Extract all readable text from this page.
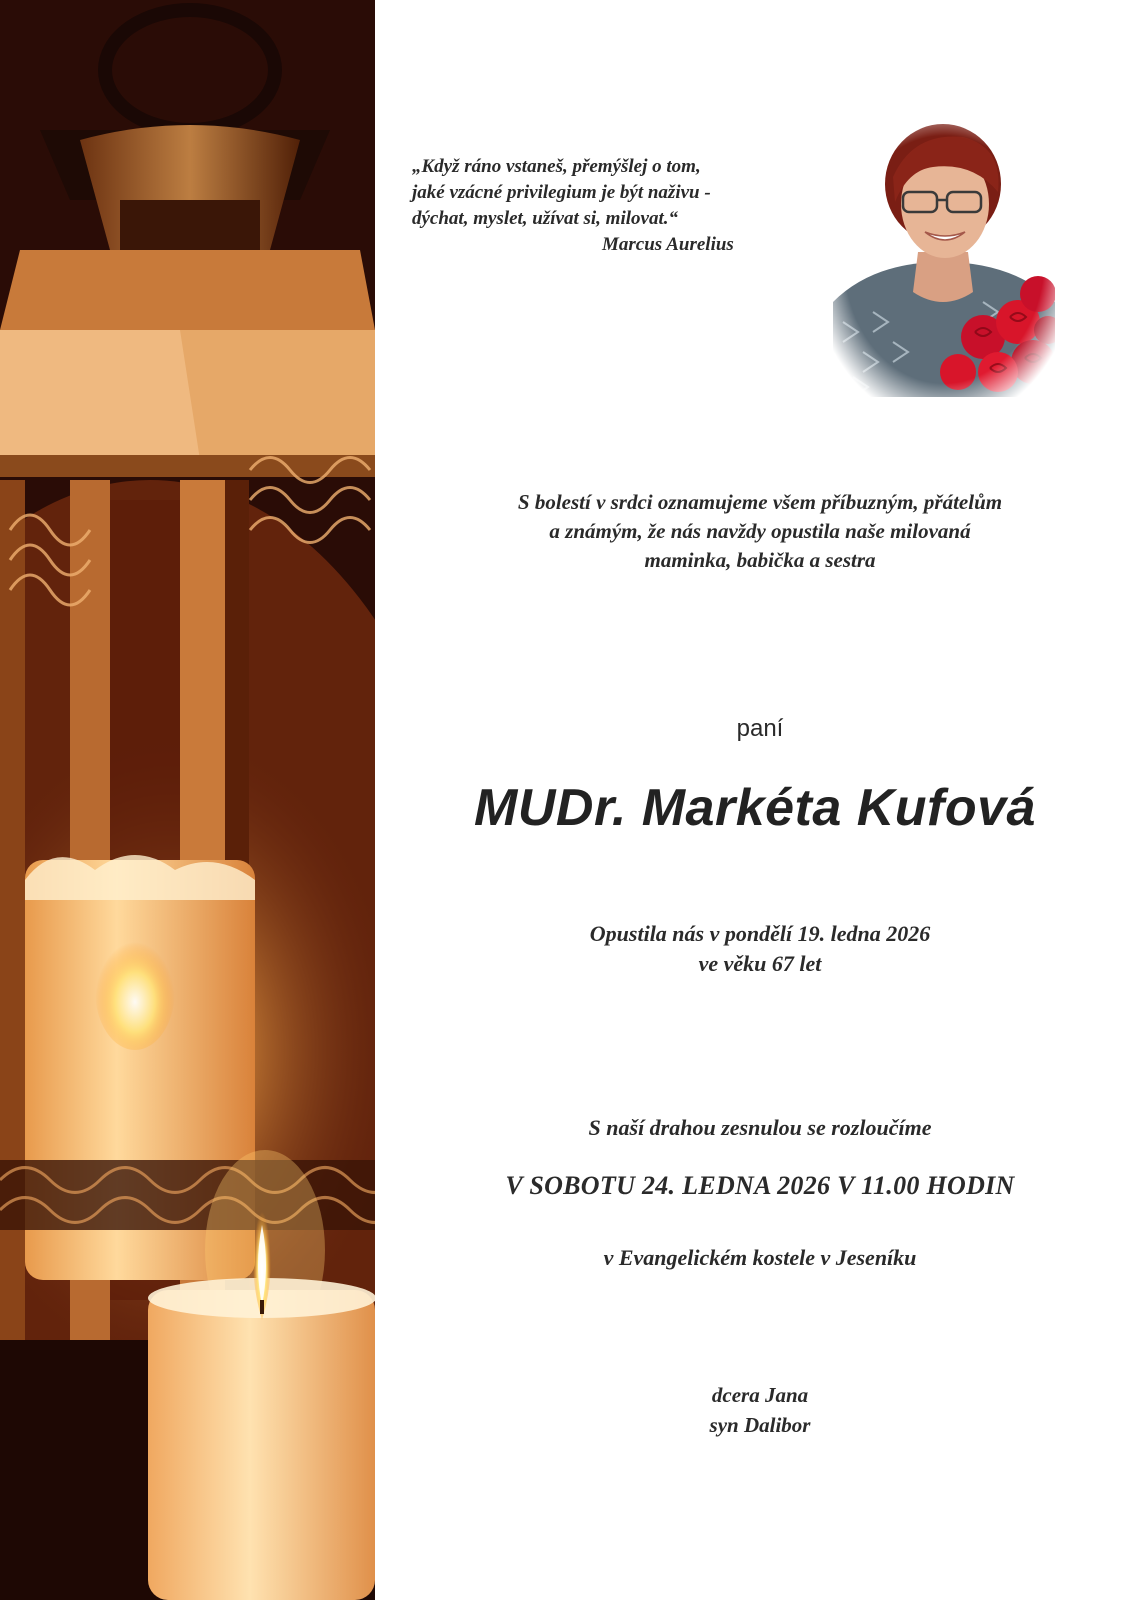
„Když ráno vstaneš, přemýšlej o tom,
jaké vzácné privilegium je být naživu -
dýchat, myslet, užívat si, milovat.“
Marcus Aurelius
S bolestí v srdci oznamujeme všem příbuzným, přátelům
a známým, že nás navždy opustila naše milovaná
maminka, babička a sestra
paní
MUDr. Markéta Kufová
Opustila nás v pondělí 19. ledna 2026
ve věku 67 let
S naší drahou zesnulou se rozloučíme
V SOBOTU 24. LEDNA 2026 V 11.00 HODIN
v Evangelickém kostele v Jeseníku
dcera Jana
syn Dalibor
